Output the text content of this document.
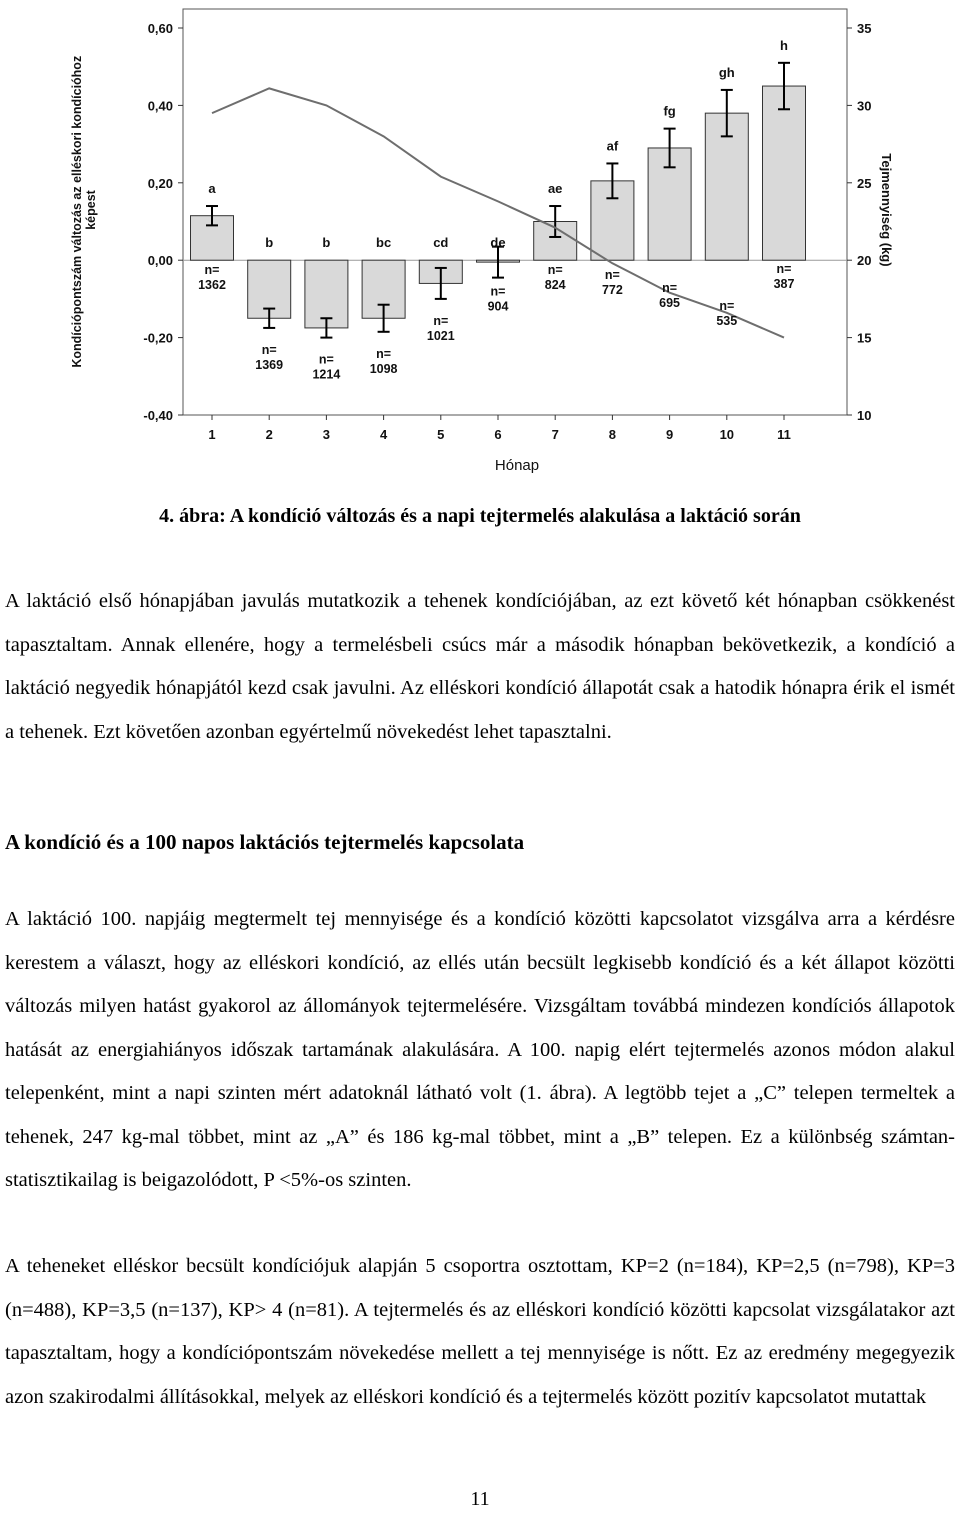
a
n=
1362
b
n=
1369
b
n=
1214
bc
n=
1098
cd
n=
1021
de
n=
904
ae
n=
824
af
n=
772
fg
n=
695
gh
n=
535
h
n=
387
0,60
0,40
0,20
0,00
-0,20
-0,40
35
30
25
20
15
10
1	2	3	4	5	6	7	8	9	10	11
Kondíciópontszám változás az elléskori kondícióhoz képest	Tejmennyiség (kg)
Hónap
4. ábra: A kondíció változás és a napi tejtermelés alakulása a laktáció során

A laktáció első hónapjában javulás mutatkozik a tehenek kondíciójában, az ezt követő két hónapban csökkenést tapasztaltam. Annak ellenére, hogy a termelésbeli csúcs már a második hónapban bekövetkezik, a kondíció a laktáció negyedik hónapjától kezd csak javulni. Az elléskori kondíció állapotát csak a hatodik hónapra érik el ismét a tehenek. Ezt követően azonban egyértelmű növekedést lehet tapasztalni.

A kondíció és a 100 napos laktációs tejtermelés kapcsolata

A laktáció 100. napjáig megtermelt tej mennyisége és a kondíció közötti kapcsolatot vizsgálva arra a kérdésre kerestem a választ, hogy az elléskori kondíció, az ellés után becsült legkisebb kondíció és a két állapot közötti változás milyen hatást gyakorol az állományok tejtermelésére. Vizsgáltam továbbá mindezen kondíciós állapotok hatását az energiahiányos időszak tartamának alakulására. A 100. napig elért tejtermelés azonos módon alakul telepenként, mint a napi szinten mért adatoknál látható volt (1. ábra). A legtöbb tejet a „C” telepen termeltek a tehenek, 247 kg-mal többet, mint az „A” és 186 kg-mal többet, mint a „B” telepen. Ez a különbség számtan-statisztikailag is beigazolódott, P <5%-os szinten.

A teheneket elléskor becsült kondíciójuk alapján 5 csoportra osztottam, KP=2 (n=184), KP=2,5 (n=798), KP=3 (n=488), KP=3,5 (n=137), KP> 4 (n=81). A tejtermelés és az elléskori kondíció közötti kapcsolat vizsgálatakor azt tapasztaltam, hogy a kondíciópontszám növekedése mellett a tej mennyisége is nőtt. Ez az eredmény megegyezik azon szakirodalmi állításokkal, melyek az elléskori kondíció és a tejtermelés között pozitív kapcsolatot mutattak

11
